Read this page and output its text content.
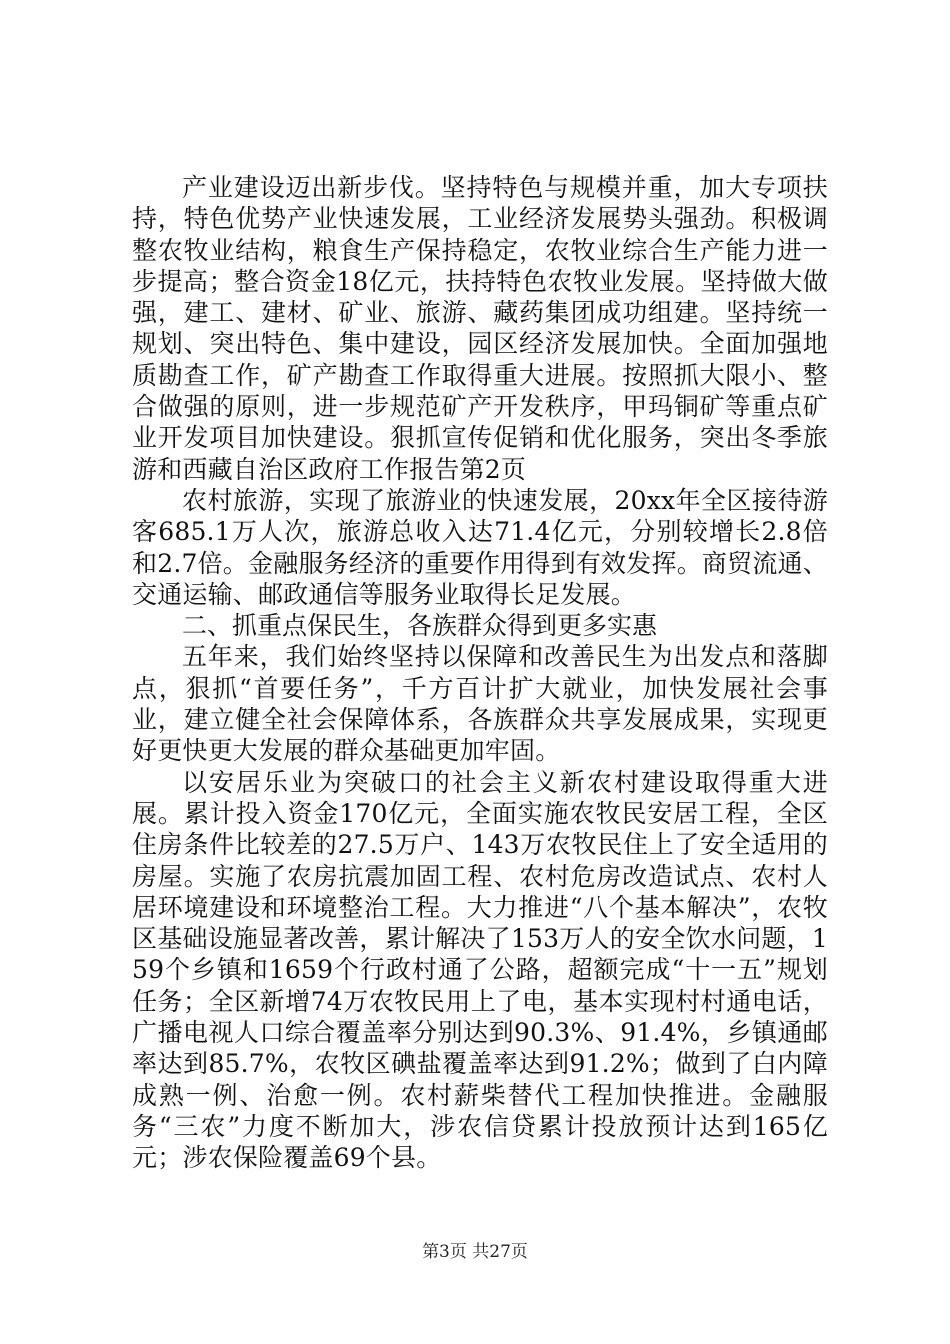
产业建设迈出新步伐。坚持特色与规模并重，加大专项扶持，特色优势产业快速发展，工业经济发展势头强劲。积极调整农牧业结构，粮食生产保持稳定，农牧业综合生产能力进一步提高；整合资金18亿元，扶持特色农牧业发展。坚持做大做强，建工、建材、矿业、旅游、藏药集团成功组建。坚持统一规划、突出特色、集中建设，园区经济发展加快。全面加强地质勘查工作，矿产勘查工作取得重大进展。按照抓大限小、整合做强的原则，进一步规范矿产开发秩序，甲玛铜矿等重点矿业开发项目加快建设。狠抓宣传促销和优化服务，突出冬季旅游和西藏自治区政府工作报告第2页

农村旅游，实现了旅游业的快速发展，20xx年全区接待游客685.1万人次，旅游总收入达71.4亿元，分别较增长2.8倍和2.7倍。金融服务经济的重要作用得到有效发挥。商贸流通、交通运输、邮政通信等服务业取得长足发展。

二、抓重点保民生，各族群众得到更多实惠

五年来，我们始终坚持以保障和改善民生为出发点和落脚点，狠抓“首要任务”，千方百计扩大就业，加快发展社会事业，建立健全社会保障体系，各族群众共享发展成果，实现更好更快更大发展的群众基础更加牢固。

以安居乐业为突破口的社会主义新农村建设取得重大进展。累计投入资金170亿元，全面实施农牧民安居工程，全区住房条件比较差的27.5万户、143万农牧民住上了安全适用的房屋。实施了农房抗震加固工程、农村危房改造试点、农村人居环境建设和环境整治工程。大力推进“八个基本解决”，农牧区基础设施显著改善，累计解决了153万人的安全饮水问题，159个乡镇和1659个行政村通了公路，超额完成“十一五”规划任务；全区新增74万农牧民用上了电，基本实现村村通电话，广播电视人口综合覆盖率分别达到90.3%、91.4%，乡镇通邮率达到85.7%，农牧区碘盐覆盖率达到91.2%；做到了白内障成熟一例、治愈一例。农村薪柴替代工程加快推进。金融服务“三农”力度不断加大，涉农信贷累计投放预计达到165亿元；涉农保险覆盖69个县。

第3页 共27页
